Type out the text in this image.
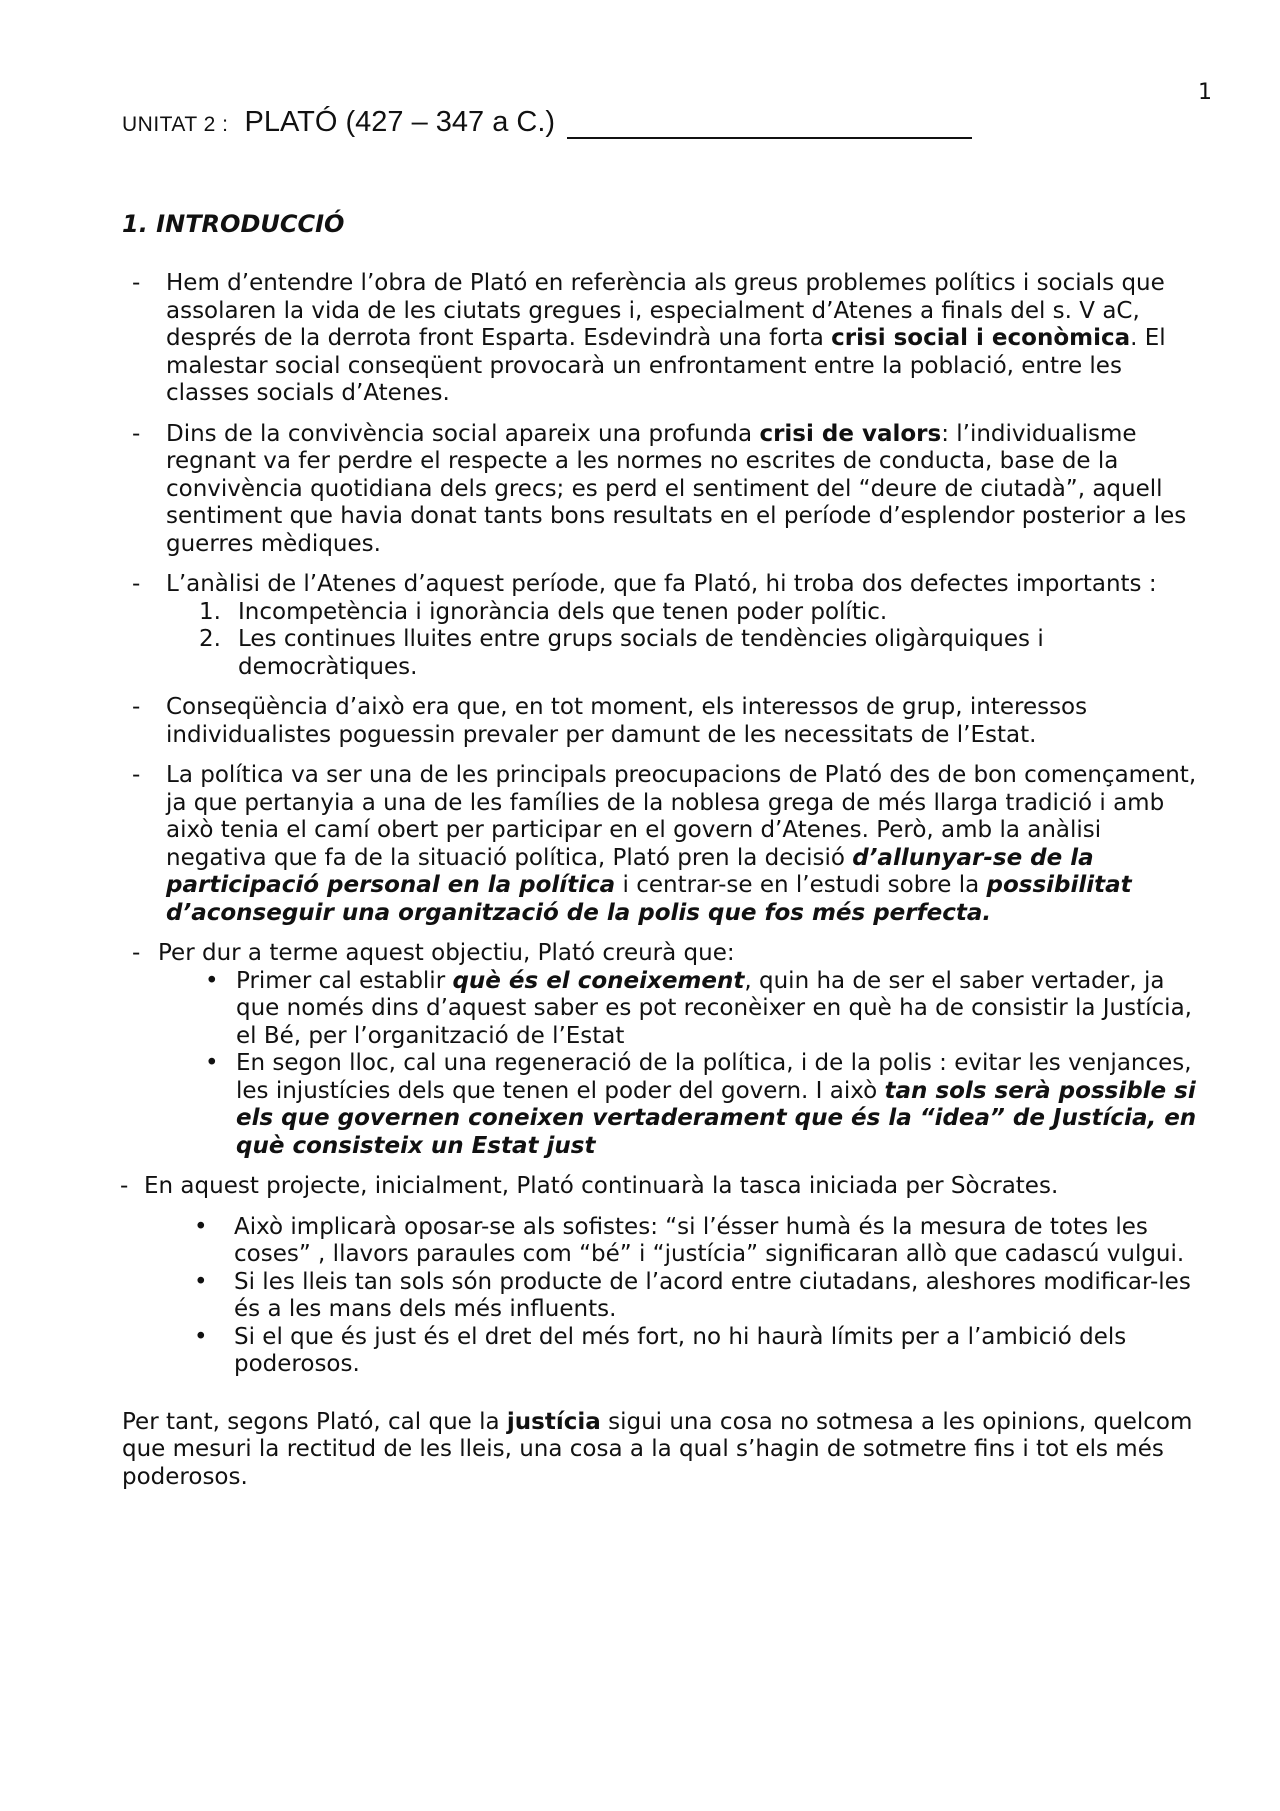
1
UNITAT 2 : PLATÓ (427 – 347 a C.)
1. INTRODUCCIÓ
- Hem d’entendre l’obra de Plató en referència als greus problemes polítics i socials que assolaren la vida de les ciutats gregues i, especialment d’Atenes a finals del s. V aC, després de la derrota front Esparta. Esdevindrà una forta crisi social i econòmica. El malestar social conseqüent provocarà un enfrontament entre la població, entre les classes socials d’Atenes.
- Dins de la convivència social apareix una profunda crisi de valors: l’individualisme regnant va fer perdre el respecte a les normes no escrites de conducta, base de la convivència quotidiana dels grecs; es perd el sentiment del “deure de ciutadà”, aquell sentiment que havia donat tants bons resultats en el període d’esplendor posterior a les guerres mèdiques.
- L’anàlisi de l’Atenes d’aquest període, que fa Plató, hi troba dos defectes importants :
1. Incompetència i ignorància dels que tenen poder polític.
2. Les continues lluites entre grups socials de tendències oligàrquiques i democràtiques.
- Conseqüència d’això era que, en tot moment, els interessos de grup, interessos individualistes poguessin prevaler per damunt de les necessitats de l’Estat.
- La política va ser una de les principals preocupacions de Plató des de bon començament, ja que pertanyia a una de les famílies de la noblesa grega de més llarga tradició i amb això tenia el camí obert per participar en el govern d’Atenes. Però, amb la anàlisi negativa que fa de la situació política, Plató pren la decisió d’allunyar-se de la participació personal en la política i centrar-se en l’estudi sobre la possibilitat d’aconseguir una organització de la polis que fos més perfecta.
- Per dur a terme aquest objectiu, Plató creurà que:
• Primer cal establir què és el coneixement, quin ha de ser el saber vertader, ja que només dins d’aquest saber es pot reconèixer en què ha de consistir la Justícia, el Bé, per l’organització de l’Estat
• En segon lloc, cal una regeneració de la política, i de la polis : evitar les venjances, les injustícies dels que tenen el poder del govern. I això tan sols serà possible si els que governen coneixen vertaderament que és la “idea” de Justícia, en què consisteix un Estat just
- En aquest projecte, inicialment, Plató continuarà la tasca iniciada per Sòcrates.
• Això implicarà oposar-se als sofistes: “si l’ésser humà és la mesura de totes les coses” , llavors paraules com “bé” i “justícia” significaran allò que cadascú vulgui.
• Si les lleis tan sols són producte de l’acord entre ciutadans, aleshores modificar-les és a les mans dels més influents.
• Si el que és just és el dret del més fort, no hi haurà límits per a l’ambició dels poderosos.

Per tant, segons Plató, cal que la justícia sigui una cosa no sotmesa a les opinions, quelcom que mesuri la rectitud de les lleis, una cosa a la qual s’hagin de sotmetre fins i tot els més poderosos.
